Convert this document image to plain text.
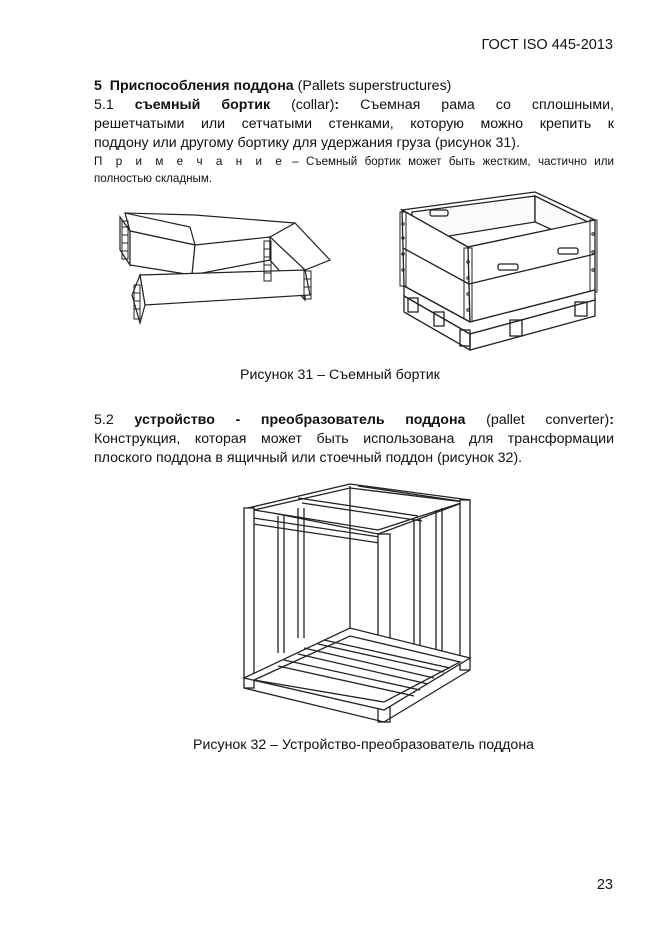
ГОСТ ISO 445-2013
5 Приспособления поддона (Pallets superstructures)
5.1 съемный бортик (collar): Съемная рама со сплошными,
решетчатыми или сетчатыми стенками, которую можно крепить к
поддону или другому бортику для удержания груза (рисунок 31).
П р и м е ч а н и е – Съемный бортик может быть жестким, частично или
полностью складным.
Рисунок 31 – Съемный бортик
5.2 устройство - преобразователь поддона (pallet converter):
Конструкция, которая может быть использована для трансформации
плоского поддона в ящичный или стоечный поддон (рисунок 32).
Рисунок 32 – Устройство-преобразователь поддона
23
